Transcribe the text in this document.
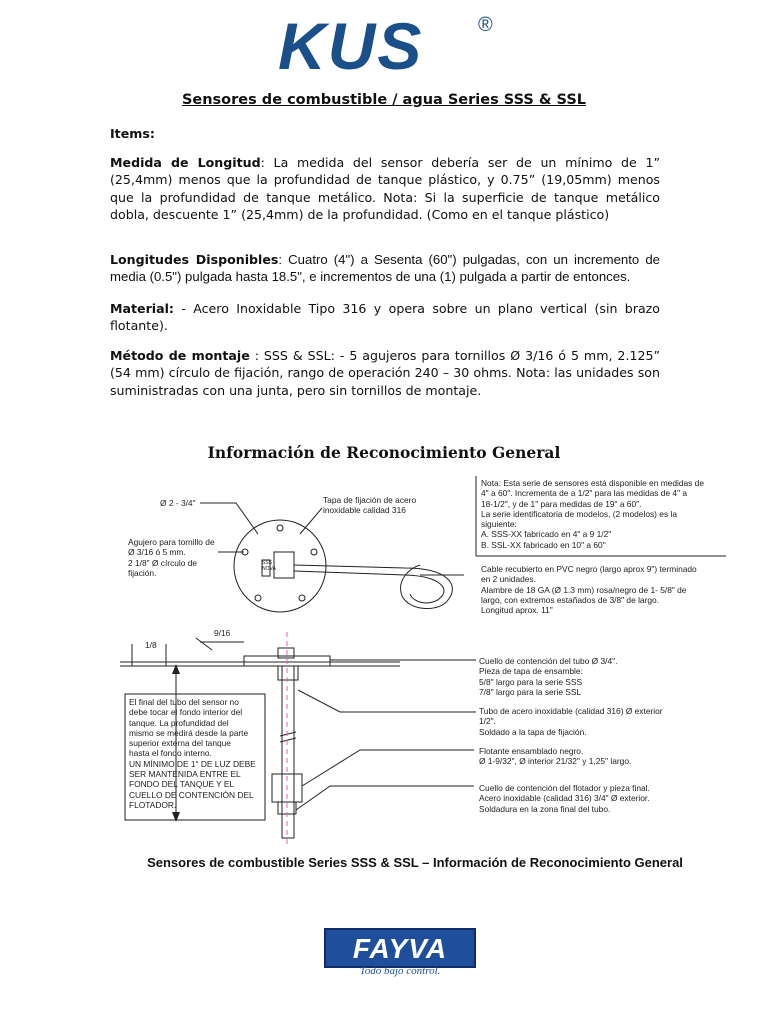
KUS	®
Sensores de combustible / agua Series SSS & SSL
Items:
Medida de Longitud: La medida del sensor debería ser de un mínimo de 1” (25,4mm) menos que la profundidad de tanque plástico, y 0.75” (19,05mm) menos que la profundidad de tanque metálico. Nota: Si la superficie de tanque metálico dobla, descuente 1” (25,4mm) de la profundidad. (Como en el tanque plástico)
Longitudes Disponibles: Cuatro (4") a Sesenta (60") pulgadas, con un incremento de media (0.5") pulgada hasta 18.5", e incrementos de una (1) pulgada a partir de entonces.
Material: - Acero Inoxidable Tipo 316 y opera sobre un plano vertical (sin brazo flotante).
Método de montaje : SSS & SSL: - 5 agujeros para tornillos Ø 3/16 ó 5 mm, 2.125” (54 mm) círculo de fijación, rango de operación 240 – 30 ohms. Nota: las unidades son suministradas con una junta, pero sin tornillos de montaje.
Información de Reconocimiento General
Ø 2 - 3/4"	Tapa de fijación de acero
inoxidable calidad 316
Agujero para tornillo de
Ø 3/16 ó 5 mm.
2 1/8" Ø círculo de
fijación.
Nota: Esta serie de sensores está disponible en medidas de
4" a 60". Incrementa de a 1/2" para las medidas de 4" a
18-1/2", y de 1" para medidas de 19" a 60".
La serie identificatoria de modelos, (2 modelos) es la
siguiente:
A. SSS-XX fabricado en 4" a 9 1/2"
B. SSL-XX fabricado en 10" a 60"
Cable recubierto en PVC negro (largo aprox 9") terminado
en 2 unidades.
Alambre de 18 GA (Ø 1.3 mm) rosa/negro de 1- 5/8" de
largo, con extremos estañados de 3/8" de largo.
Longitud aprox. 11"
1/8
9/16
SSS
NOVA
Cuello de contención del tubo Ø 3/4".
Pieza de tapa de ensamble:
5/8" largo para la serie SSS
7/8" largo para la serie SSL
Tubo de acero inoxidable (calidad 316) Ø exterior
1/2".
Soldado a la tapa de fijación.
Flotante ensamblado negro.
Ø 1-9/32", Ø interior 21/32" y 1,25" largo.
Cuello de contención del flotador y pieza final.
Acero inoxidable (calidad 316) 3/4" Ø exterior.
Soldadura en la zona final del tubo.
El final del tubo del sensor no
debe tocar el fondo interior del
tanque. La profundidad del
mismo se medirá desde la parte
superior externa del tanque
hasta el fondo interno.
UN MÍNIMO DE 1" DE LUZ DEBE
SER MANTENIDA ENTRE EL
FONDO DEL TANQUE Y EL
CUELLO DE CONTENCIÓN DEL
FLOTADOR.
Sensores de combustible Series SSS & SSL – Información de Reconocimiento General
FAYVA
Todo bajo control.
